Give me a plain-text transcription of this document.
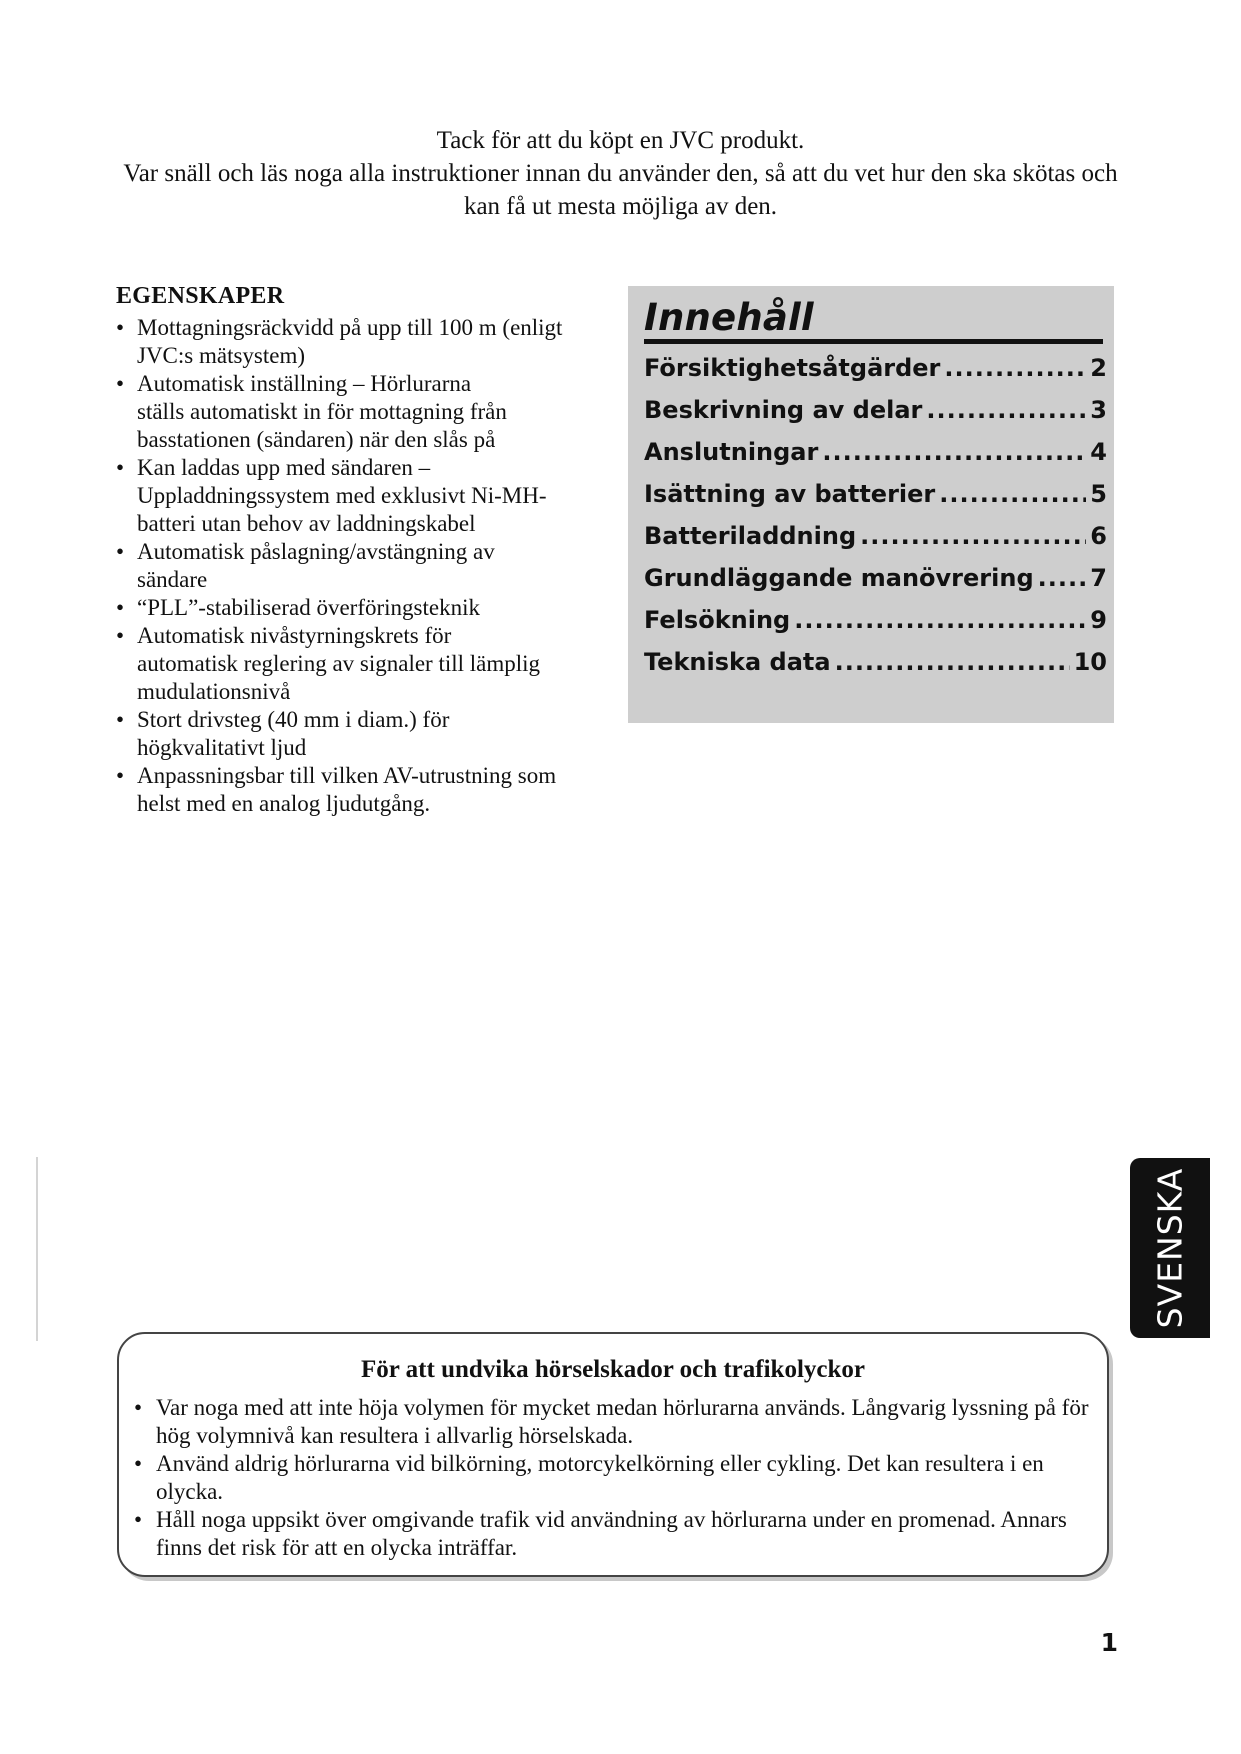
Tack för att du köpt en JVC produkt.

Var snäll och läs noga alla instruktioner innan du använder den, så att du vet hur den ska skötas och kan få ut mesta möjliga av den.

EGENSKAPER
• Mottagningsräckvidd på upp till 100 m (enligt
JVC:s mätsystem)
• Automatisk inställning – Hörlurarna
ställs automatiskt in för mottagning från
basstationen (sändaren) när den slås på
• Kan laddas upp med sändaren –
Uppladdningssystem med exklusivt Ni-MH-
batteri utan behov av laddningskabel
• Automatisk påslagning/avstängning av
sändare
• “PLL”-stabiliserad överföringsteknik
• Automatisk nivåstyrningskrets för
automatisk reglering av signaler till lämplig
mudulationsnivå
• Stort drivsteg (40 mm i diam.) för
högkvalitativt ljud
• Anpassningsbar till vilken AV-utrustning som
helst med en analog ljudutgång.
Innehåll
Försiktighetsåtgärder .....	2
Beskrivning av delar .....	3
Anslutningar .....	4
Isättning av batterier .....	5
Batteriladdning .....	6
Grundläggande manövrering ..... 7
Felsökning .....	9
Tekniska data .....	10
SVENSKA
För att undvika hörselskador och trafikolyckor
• Var noga med att inte höja volymen för mycket medan hörlurarna används. Långvarig lyssning på för hög volymnivå kan resultera i allvarlig hörselskada.
• Använd aldrig hörlurarna vid bilkörning, motorcykelkörning eller cykling. Det kan resultera i en olycka.
• Håll noga uppsikt över omgivande trafik vid användning av hörlurarna under en promenad. Annars finns det risk för att en olycka inträffar.
1
